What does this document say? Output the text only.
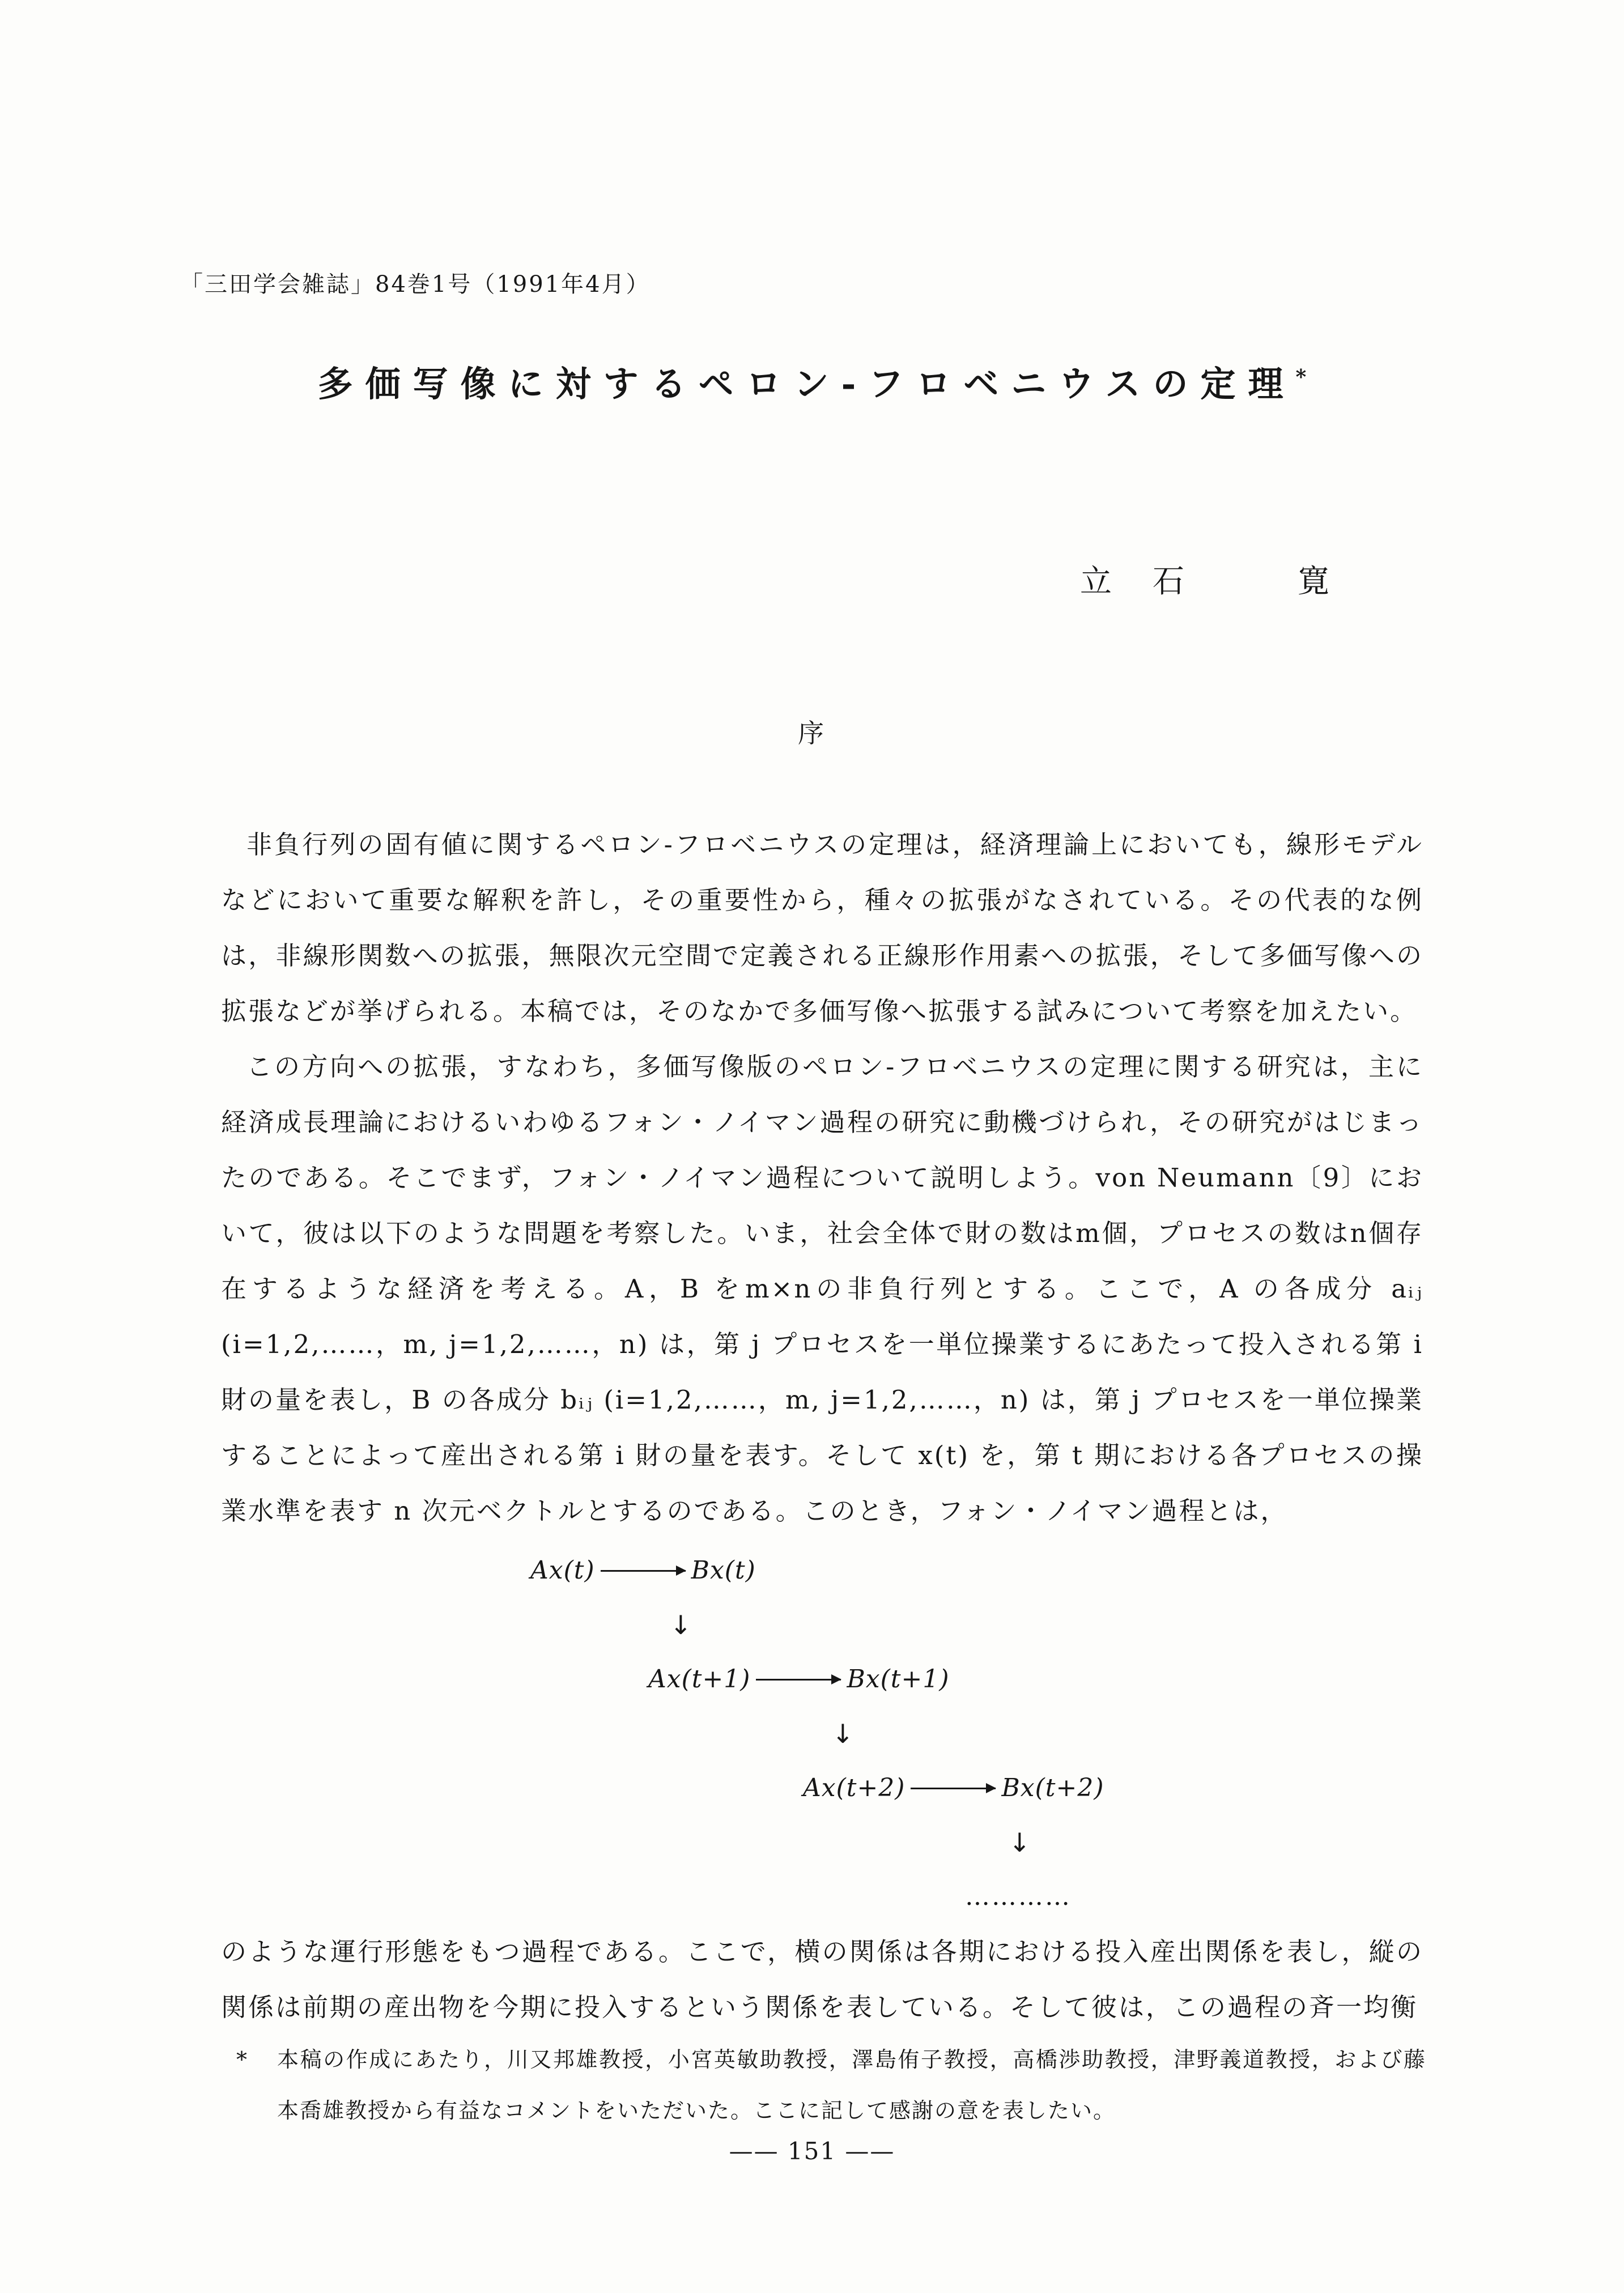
「三田学会雑誌」84巻1号（1991年4月）
多価写像に対するペロン-フロベニウスの定理*
立　石　　　寛
序

非負行列の固有値に関するペロン-フロベニウスの定理は，経済理論上においても，線形モデルなどにおいて重要な解釈を許し，その重要性から，種々の拡張がなされている。その代表的な例は，非線形関数への拡張，無限次元空間で定義される正線形作用素への拡張，そして多価写像への拡張などが挙げられる。本稿では，そのなかで多価写像へ拡張する試みについて考察を加えたい。

この方向への拡張，すなわち，多価写像版のペロン-フロベニウスの定理に関する研究は，主に経済成長理論におけるいわゆるフォン・ノイマン過程の研究に動機づけられ，その研究がはじまったのである。そこでまず，フォン・ノイマン過程について説明しよう。von Neumann〔9〕において，彼は以下のような問題を考察した。いま，社会全体で財の数はm個，プロセスの数はn個存在するような経済を考える。A，B をm×nの非負行列とする。ここで，A の各成分 aᵢⱼ (i=1,2,……，m, j=1,2,……，n) は，第 j プロセスを一単位操業するにあたって投入される第 i 財の量を表し，B の各成分 bᵢⱼ (i=1,2,……，m, j=1,2,……，n) は，第 j プロセスを一単位操業することによって産出される第 i 財の量を表す。そして x(t) を，第 t 期における各プロセスの操業水準を表す n 次元ベクトルとするのである。このとき，フォン・ノイマン過程とは，

Ax(t)	Bx(t)
↓
Ax(t+1)	Bx(t+1)
↓
Ax(t+2)	Bx(t+2)
↓
…………

のような運行形態をもつ過程である。ここで，横の関係は各期における投入産出関係を表し，縦の関係は前期の産出物を今期に投入するという関係を表している。そして彼は，この過程の斉一均衡

*	本稿の作成にあたり，川又邦雄教授，小宮英敏助教授，澤島侑子教授，高橋渉助教授，津野義道教授，および藤本喬雄教授から有益なコメントをいただいた。ここに記して感謝の意を表したい。
—— 151 ——
